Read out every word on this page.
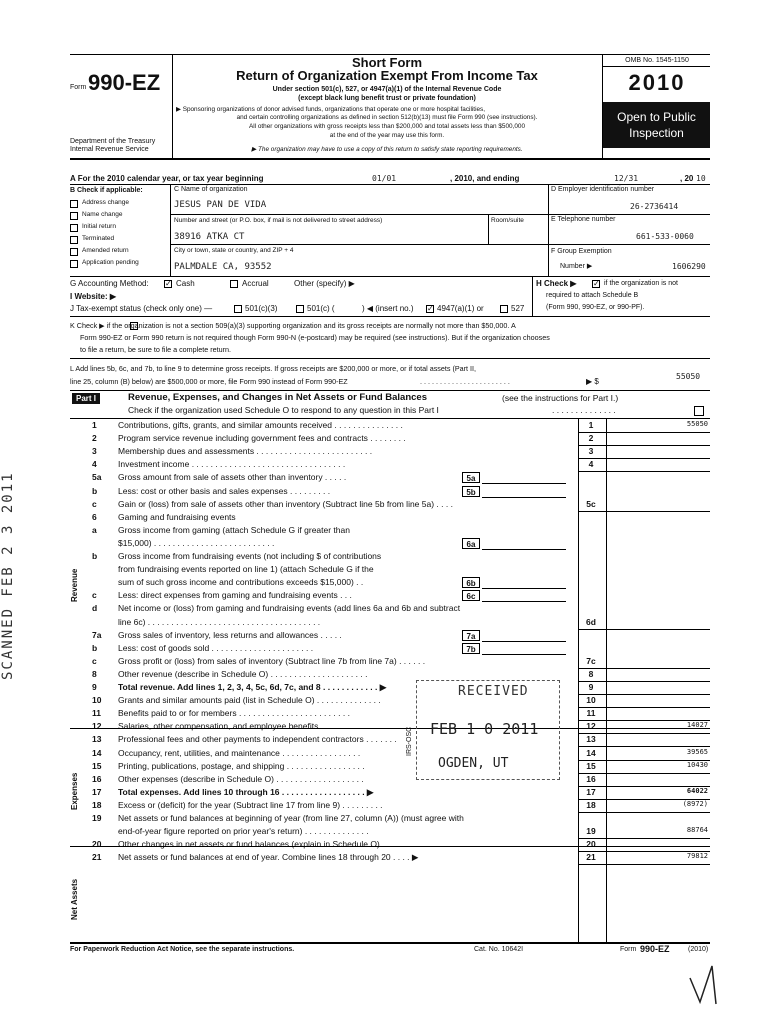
Form 990-EZ
Department of the Treasury
Internal Revenue Service
Short Form
Return of Organization Exempt From Income Tax
Under section 501(c), 527, or 4947(a)(1) of the Internal Revenue Code
(except black lung benefit trust or private foundation)
▶ Sponsoring organizations of donor advised funds, organizations that operate one or more hospital facilities,
and certain controlling organizations as defined in section 512(b)(13) must file Form 990 (see instructions).
All other organizations with gross receipts less than $200,000 and total assets less than $500,000
at the end of the year may use this form.
▶ The organization may have to use a copy of this return to satisfy state reporting requirements.
OMB No. 1545-1150
2010
Open to Public
Inspection
A For the 2010 calendar year, or tax year beginning	01/01	, 2010, and ending	12/31	, 20 10
B Check if applicable:
Address change
Name change
Initial return
Terminated
Amended return
Application pending
C Name of organization
JESUS PAN DE VIDA
Number and street (or P.O. box, if mail is not delivered to street address)	Room/suite
38916 ATKA CT
City or town, state or country, and ZIP + 4
PALMDALE CA, 93552
D Employer identification number
26-2736414
E Telephone number
661-533-0060
F Group Exemption
Number ▶	1606290
G Accounting Method: ✓ Cash	Accrual	Other (specify) ▶	H Check ▶ ✓ if the organization is not
required to attach Schedule B
(Form 990, 990-EZ, or 990-PF).
I Website: ▶
J Tax-exempt status (check only one) —	501(c)(3)	501(c) (	) ◀ (insert no.) ✓ 4947(a)(1) or	527
K Check ▶ if the organization is not a section 509(a)(3) supporting organization and its gross receipts are normally not more than $50,000. A
Form 990-EZ or Form 990 return is not required though Form 990-N (e-postcard) may be required (see instructions). But if the organization chooses
to file a return, be sure to file a complete return.
L Add lines 5b, 6c, and 7b, to line 9 to determine gross receipts. If gross receipts are $200,000 or more, or if total assets (Part II,
line 25, column (B) below) are $500,000 or more, file Form 990 instead of Form 990-EZ	. . . . . . . . . . . . . . . . . . . . . . .	▶ $
55050
Part I	Revenue, Expenses, and Changes in Net Assets or Fund Balances	(see the instructions for Part I.)
Check if the organization used Schedule O to respond to any question in this Part I	. . . . . . . . . . . . . .
1	Contributions, gifts, grants, and similar amounts received . . . . . . . . . . . . . . .	1	55050
2	Program service revenue including government fees and contracts . . . . . . . .	2
3	Membership dues and assessments . . . . . . . . . . . . . . . . . . . . . . . . .	3
4	Investment income . . . . . . . . . . . . . . . . . . . . . . . . . . . . . . . . .	4
5a	Gross amount from sale of assets other than inventory . . . . .	5a
b	Less: cost or other basis and sales expenses . . . . . . . . .	5b
c	Gain or (loss) from sale of assets other than inventory (Subtract line 5b from line 5a) . . . .	5c
6	Gaming and fundraising events
a	Gross income from gaming (attach Schedule G if greater than
$15,000) . . . . . . . . . . . . . . . . . . . . . . . . . .	6a
b	Gross income from fundraising events (not including $ of contributions
from fundraising events reported on line 1) (attach Schedule G if the
sum of such gross income and contributions exceeds $15,000) . .	6b
c	Less: direct expenses from gaming and fundraising events . . .	6c
d	Net income or (loss) from gaming and fundraising events (add lines 6a and 6b and subtract
line 6c) . . . . . . . . . . . . . . . . . . . . . . . . . . . . . . . . . . . . .	6d
7a	Gross sales of inventory, less returns and allowances . . . . .	7a
b	Less: cost of goods sold . . . . . . . . . . . . . . . . . . . . . .	7b
c	Gross profit or (loss) from sales of inventory (Subtract line 7b from line 7a) . . . . . .	7c
8	Other revenue (describe in Schedule O) . . . . . . . . . . . . . . . . . . . . .	8
9	Total revenue. Add lines 1, 2, 3, 4, 5c, 6d, 7c, and 8 . . . . . . . . . . . . ▶	9
10	Grants and similar amounts paid (list in Schedule O) . . . . . . . . . . . . . .	10
11	Benefits paid to or for members . . . . . . . . . . . . . . . . . . . . . . . .	11
12	Salaries, other compensation, and employee benefits . . . . . . . . . . . . .	12	14027
13	Professional fees and other payments to independent contractors . . . . . . .	13
14	Occupancy, rent, utilities, and maintenance . . . . . . . . . . . . . . . . .	14	39565
15	Printing, publications, postage, and shipping . . . . . . . . . . . . . . . . .	15	10430
16	Other expenses (describe in Schedule O) . . . . . . . . . . . . . . . . . . .	16
17	Total expenses. Add lines 10 through 16 . . . . . . . . . . . . . . . . . . ▶	17	64022
18	Excess or (deficit) for the year (Subtract line 17 from line 9) . . . . . . . . .	18	(8972)
19	Net assets or fund balances at beginning of year (from line 27, column (A)) (must agree with
end-of-year figure reported on prior year's return) . . . . . . . . . . . . . .	19	88764
20	Other changes in net assets or fund balances (explain in Schedule O) . . . . . .	20
21	Net assets or fund balances at end of year. Combine lines 18 through 20 . . . . ▶	21	79812
Revenue
Expenses
Net Assets
For Paperwork Reduction Act Notice, see the separate instructions.	Cat. No. 10642I	Form 990-EZ	(2010)
RECEIVED
FEB 1 0 2011
OGDEN, UT
IRS-OSC
SCANNED FEB 2 3 2011
